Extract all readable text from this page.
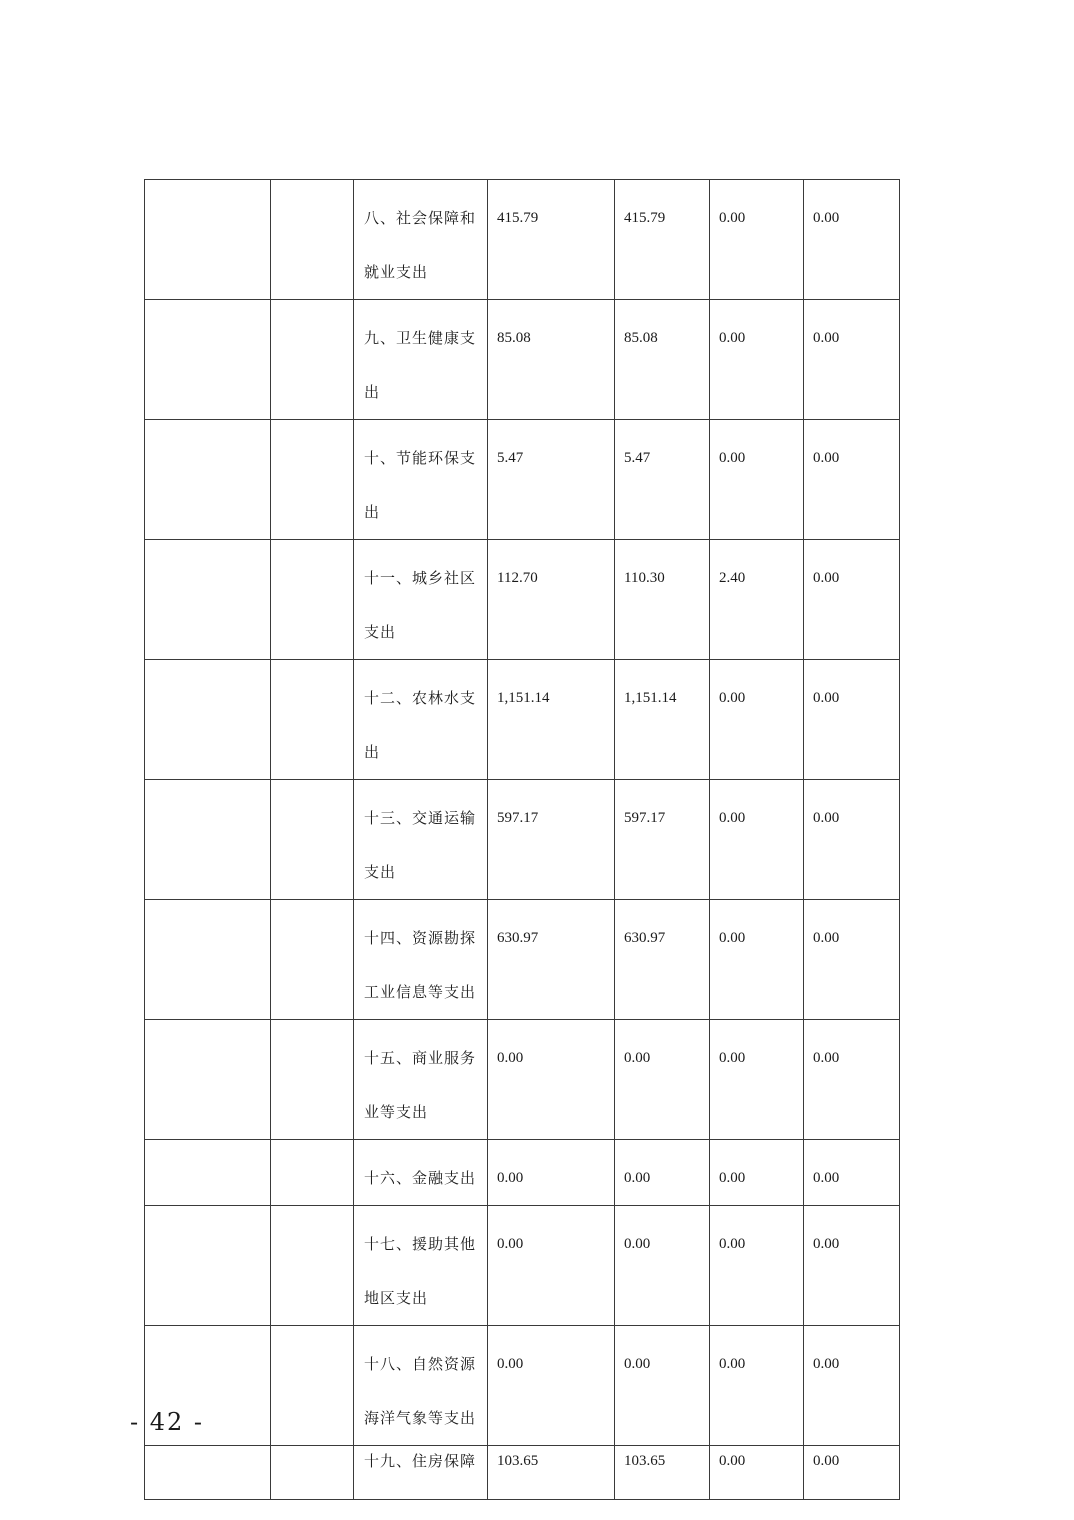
		八、社会保障和就业支出	415.79	415.79	0.00	0.00
		九、卫生健康支出	85.08	85.08	0.00	0.00
		十、节能环保支出	5.47	5.47	0.00	0.00
		十一、城乡社区支出	112.70	110.30	2.40	0.00
		十二、农林水支出	1,151.14	1,151.14	0.00	0.00
		十三、交通运输支出	597.17	597.17	0.00	0.00
		十四、资源勘探工业信息等支出	630.97	630.97	0.00	0.00
		十五、商业服务业等支出	0.00	0.00	0.00	0.00
		十六、金融支出	0.00	0.00	0.00	0.00
		十七、援助其他地区支出	0.00	0.00	0.00	0.00
		十八、自然资源海洋气象等支出	0.00	0.00	0.00	0.00
		十九、住房保障	103.65	103.65	0.00	0.00
- 42 -
